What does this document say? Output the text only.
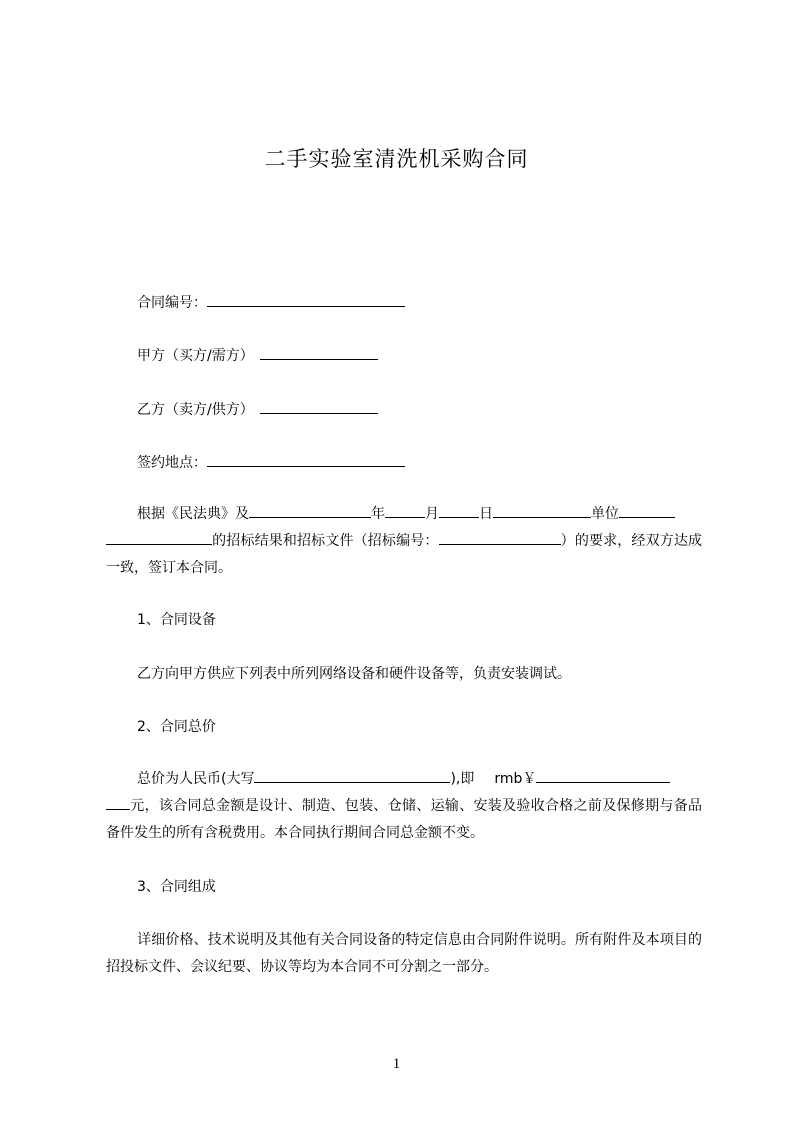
二手实验室清洗机采购合同
合同编号：
甲方（买方/需方）
乙方（卖方/供方）
签约地点：
根据《民法典》及	年	月	日	单位
的招标结果和招标文件（招标编号：	）的要求，经双方达成一致，签订本合同。
1、合同设备
乙方向甲方供应下列表中所列网络设备和硬件设备等，负责安装调试。
2、合同总价
总价为人民币(大写	),即 rmb￥
元，该合同总金额是设计、制造、包装、仓储、运输、安装及验收合格之前及保修期与备品备件发生的所有含税费用。本合同执行期间合同总金额不变。
3、合同组成
详细价格、技术说明及其他有关合同设备的特定信息由合同附件说明。所有附件及本项目的招投标文件、会议纪要、协议等均为本合同不可分割之一部分。
1
